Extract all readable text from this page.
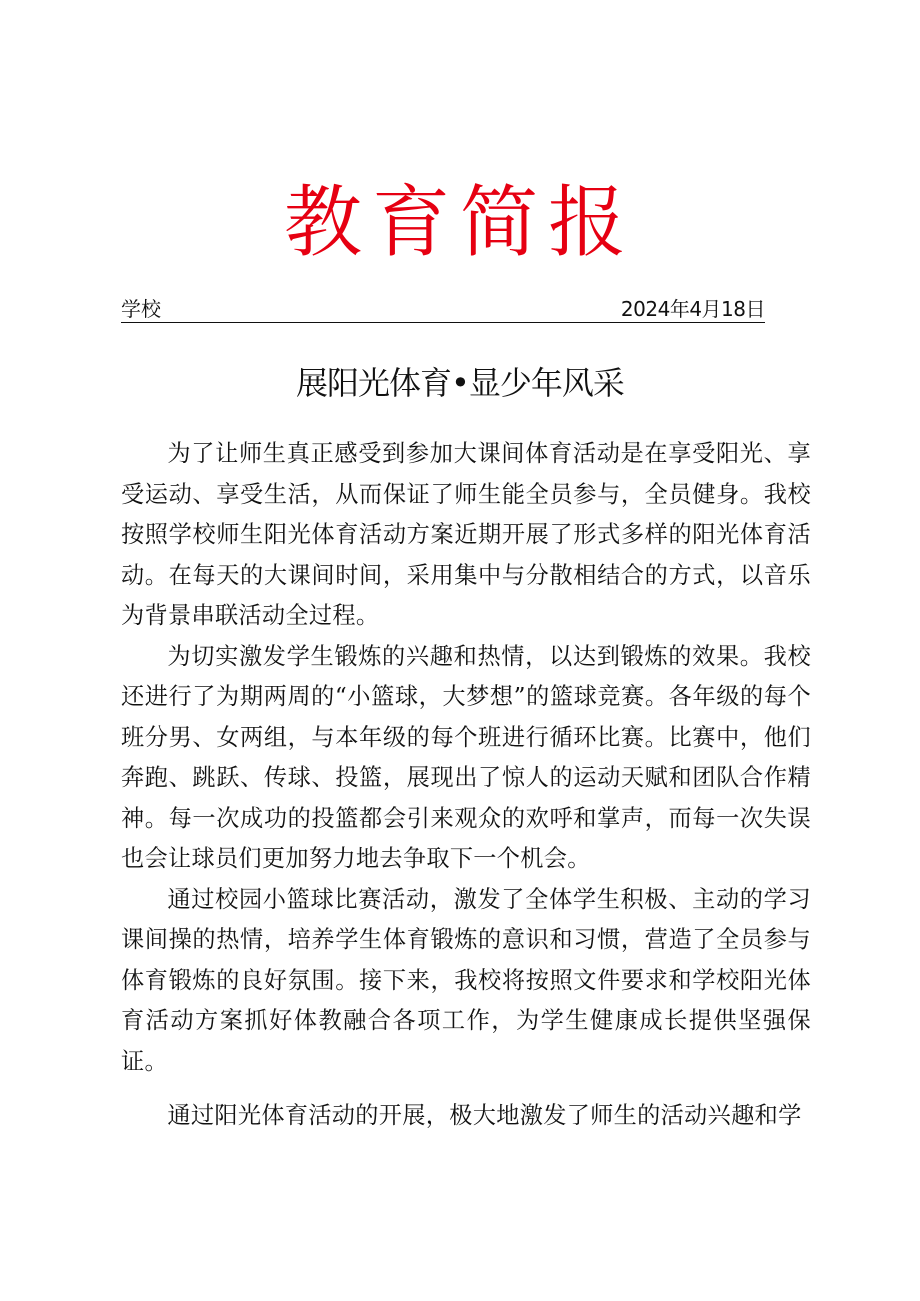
教育简报
学校	2024年4月18日
展阳光体育•显少年风采

为了让师生真正感受到参加大课间体育活动是在享受阳光、享受运动、享受生活，从而保证了师生能全员参与，全员健身。我校按照学校师生阳光体育活动方案近期开展了形式多样的阳光体育活动。在每天的大课间时间，采用集中与分散相结合的方式，以音乐为背景串联活动全过程。

为切实激发学生锻炼的兴趣和热情，以达到锻炼的效果。我校还进行了为期两周的“小篮球，大梦想”的篮球竞赛。各年级的每个班分男、女两组，与本年级的每个班进行循环比赛。比赛中，他们奔跑、跳跃、传球、投篮，展现出了惊人的运动天赋和团队合作精神。每一次成功的投篮都会引来观众的欢呼和掌声，而每一次失误也会让球员们更加努力地去争取下一个机会。

通过校园小篮球比赛活动，激发了全体学生积极、主动的学习课间操的热情，培养学生体育锻炼的意识和习惯，营造了全员参与体育锻炼的良好氛围。接下来，我校将按照文件要求和学校阳光体育活动方案抓好体教融合各项工作，为学生健康成长提供坚强保证。

通过阳光体育活动的开展，极大地激发了师生的活动兴趣和学
